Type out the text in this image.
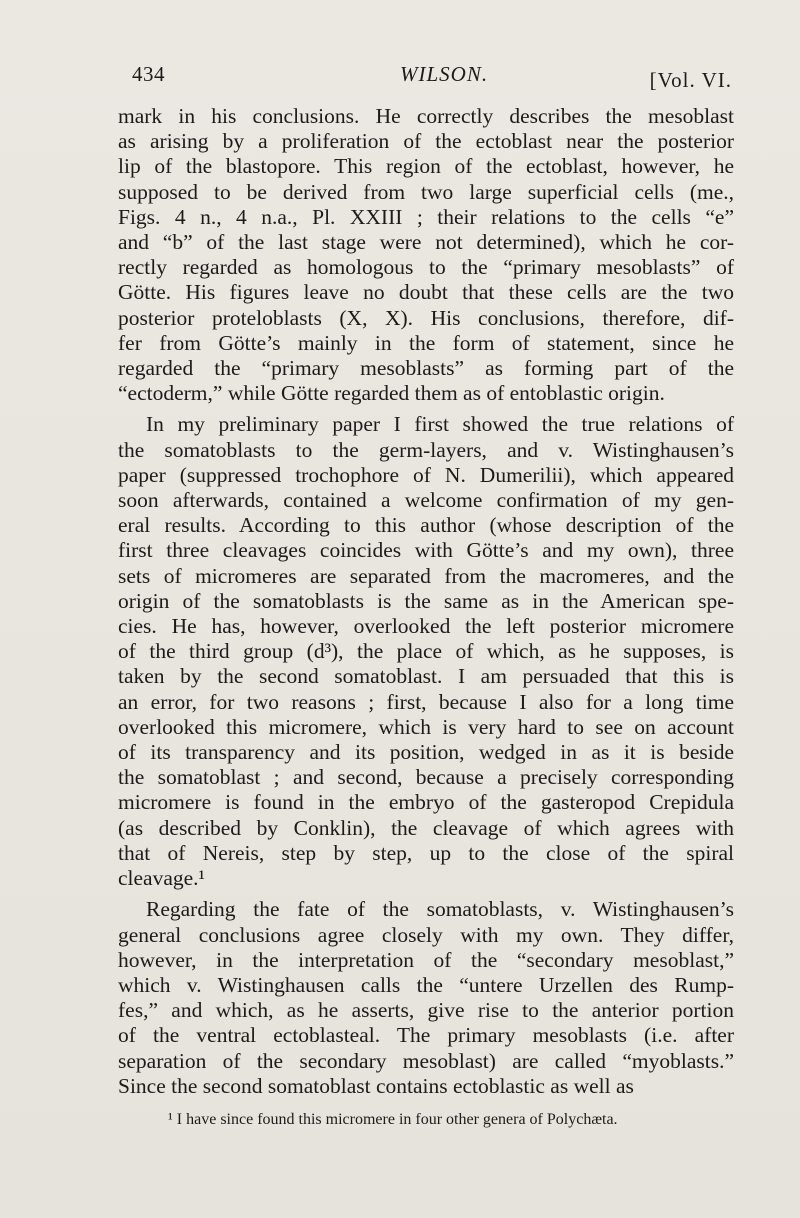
434	WILSON.	[Vol. VI.

mark in his conclusions. He correctly describes the mesoblast
as arising by a proliferation of the ectoblast near the posterior
lip of the blastopore. This region of the ectoblast, however, he
supposed to be derived from two large superficial cells (me.,
Figs. 4 n., 4 n.a., Pl. XXIII ; their relations to the cells “e”
and “b” of the last stage were not determined), which he cor-
rectly regarded as homologous to the “primary mesoblasts” of
Götte. His figures leave no doubt that these cells are the two
posterior proteloblasts (X, X). His conclusions, therefore, dif-
fer from Götte’s mainly in the form of statement, since he
regarded the “primary mesoblasts” as forming part of the
“ectoderm,” while Götte regarded them as of entoblastic origin.

In my preliminary paper I first showed the true relations of
the somatoblasts to the germ-layers, and v. Wistinghausen’s
paper (suppressed trochophore of N. Dumerilii), which appeared
soon afterwards, contained a welcome confirmation of my gen-
eral results. According to this author (whose description of the
first three cleavages coincides with Götte’s and my own), three
sets of micromeres are separated from the macromeres, and the
origin of the somatoblasts is the same as in the American spe-
cies. He has, however, overlooked the left posterior micromere
of the third group (d³), the place of which, as he supposes, is
taken by the second somatoblast. I am persuaded that this is
an error, for two reasons ; first, because I also for a long time
overlooked this micromere, which is very hard to see on account
of its transparency and its position, wedged in as it is beside
the somatoblast ; and second, because a precisely corresponding
micromere is found in the embryo of the gasteropod Crepidula
(as described by Conklin), the cleavage of which agrees with
that of Nereis, step by step, up to the close of the spiral
cleavage.¹

Regarding the fate of the somatoblasts, v. Wistinghausen’s
general conclusions agree closely with my own. They differ,
however, in the interpretation of the “secondary mesoblast,”
which v. Wistinghausen calls the “untere Urzellen des Rump-
fes,” and which, as he asserts, give rise to the anterior portion
of the ventral ectoblasteal. The primary mesoblasts (i.e. after
separation of the secondary mesoblast) are called “myoblasts.”
Since the second somatoblast contains ectoblastic as well as

¹ I have since found this micromere in four other genera of Polychæta.
